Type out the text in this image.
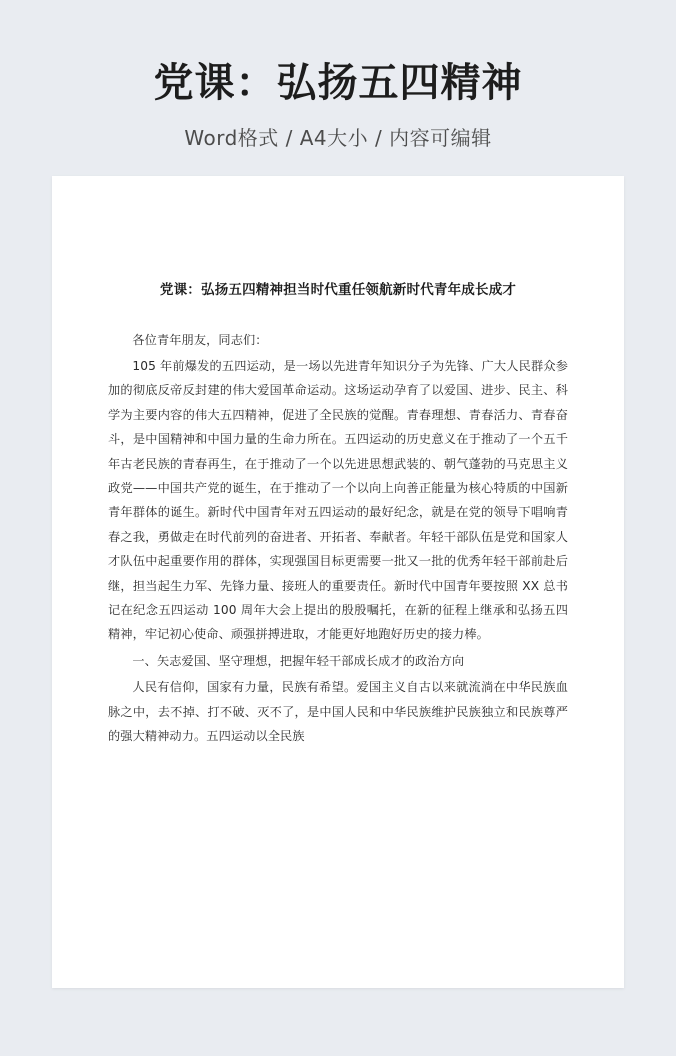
党课：弘扬五四精神
Word格式 / A4大小 / 内容可编辑
党课：弘扬五四精神担当时代重任领航新时代青年成长成才

各位青年朋友，同志们：

105 年前爆发的五四运动，是一场以先进青年知识分子为先锋、广大人民群众参加的彻底反帝反封建的伟大爱国革命运动。这场运动孕育了以爱国、进步、民主、科学为主要内容的伟大五四精神，促进了全民族的觉醒。青春理想、青春活力、青春奋斗，是中国精神和中国力量的生命力所在。五四运动的历史意义在于推动了一个五千年古老民族的青春再生，在于推动了一个以先进思想武装的、朝气蓬勃的马克思主义政党——中国共产党的诞生，在于推动了一个以向上向善正能量为核心特质的中国新青年群体的诞生。新时代中国青年对五四运动的最好纪念，就是在党的领导下唱响青春之我，勇做走在时代前列的奋进者、开拓者、奉献者。年轻干部队伍是党和国家人才队伍中起重要作用的群体，实现强国目标更需要一批又一批的优秀年轻干部前赴后继，担当起生力军、先锋力量、接班人的重要责任。新时代中国青年要按照 XX 总书记在纪念五四运动 100 周年大会上提出的殷殷嘱托，在新的征程上继承和弘扬五四精神，牢记初心使命、顽强拼搏进取，才能更好地跑好历史的接力棒。

一、矢志爱国、坚守理想，把握年轻干部成长成才的政治方向

人民有信仰，国家有力量，民族有希望。爱国主义自古以来就流淌在中华民族血脉之中，去不掉、打不破、灭不了，是中国人民和中华民族维护民族独立和民族尊严的强大精神动力。五四运动以全民族
